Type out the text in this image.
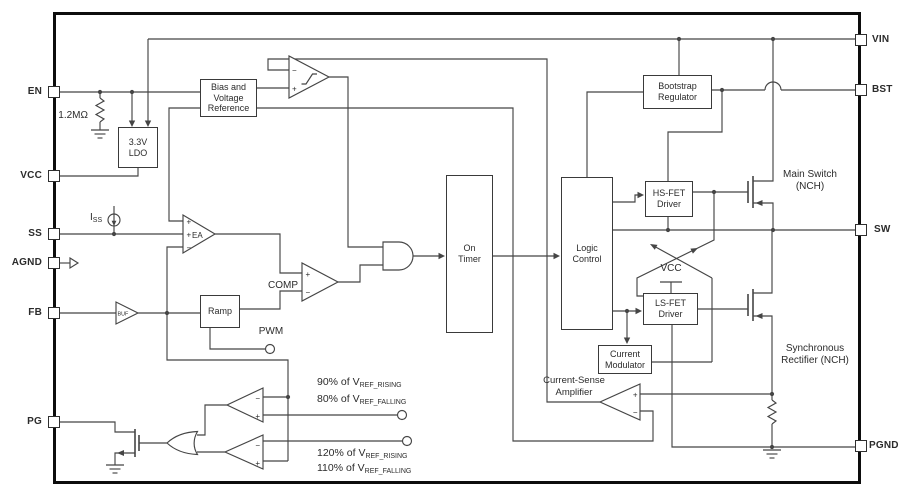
−
+
+
+
−
+
−
+
−
−
+
−
+
EA
BUF
Bias and
Voltage
Reference
3.3V
LDO
Ramp
On
Timer
Logic
Control
Bootstrap
Regulator
HS-FET
Driver
LS-FET
Driver
Current
Modulator
EN
VCC
SS
AGND
FB
PG
VIN
BST
SW
PGND
1.2MΩ
$I_{SS}$
COMP
PWM
VCC
Main Switch
(NCH)
Synchronous
Rectifier (NCH)
Current-Sense
Amplifier
90% of $V_{REF\_RISING}$
80% of $V_{REF\_FALLING}$
120% of $V_{REF\_RISING}$
110% of $V_{REF\_FALLING}$
